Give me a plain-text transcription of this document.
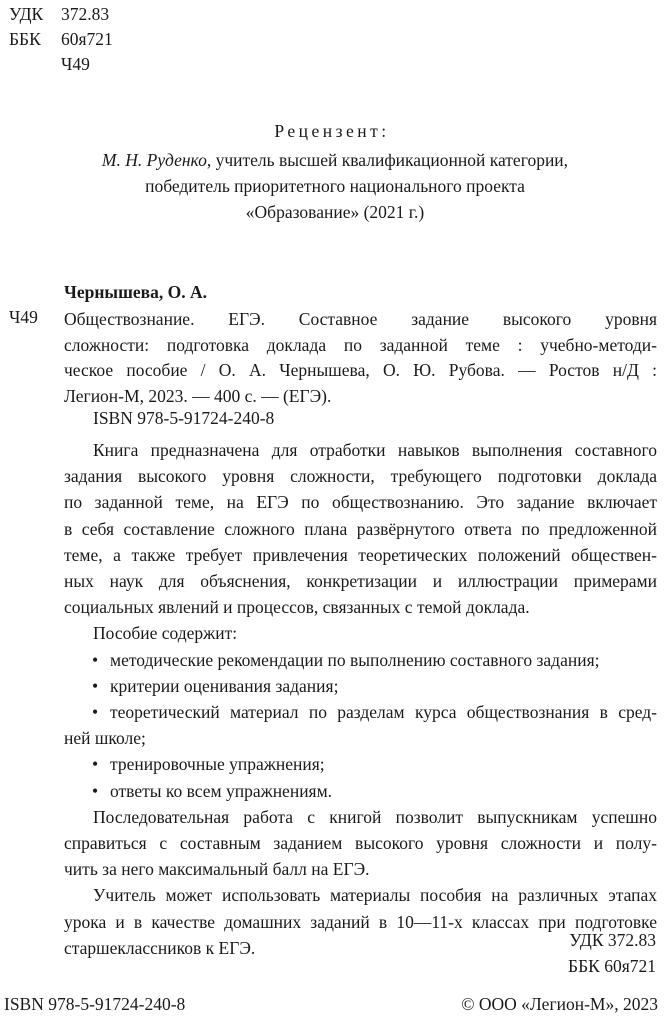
УДК	372.83
ББК	60я721
Ч49
Рецензент:
М. Н. Руденко, учитель высшей квалификационной категории,
победитель приоритетного национального проекта
«Образование» (2021 г.)
Чернышева, О. А.
Ч49 Обществознание. ЕГЭ. Составное задание высокого уровня
сложности: подготовка доклада по заданной теме : учебно-методи-
ческое пособие / О. А. Чернышева, О. Ю. Рубова. — Ростов н/Д :
Легион-М, 2023. — 400 с. — (ЕГЭ).
ISBN 978-5-91724-240-8
Книга предназначена для отработки навыков выполнения составного
задания высокого уровня сложности, требующего подготовки доклада
по заданной теме, на ЕГЭ по обществознанию. Это задание включает
в себя составление сложного плана развёрнутого ответа по предложенной
теме, а также требует привлечения теоретических положений обществен-
ных наук для объяснения, конкретизации и иллюстрации примерами
социальных явлений и процессов, связанных с темой доклада.
Пособие содержит:
• методические рекомендации по выполнению составного задания;
• критерии оценивания задания;
• теоретический материал по разделам курса обществознания в сред-
ней школе;
• тренировочные упражнения;
• ответы ко всем упражнениям.
Последовательная работа с книгой позволит выпускникам успешно
справиться с составным заданием высокого уровня сложности и полу-
чить за него максимальный балл на ЕГЭ.
Учитель может использовать материалы пособия на различных этапах
урока и в качестве домашних заданий в 10—11-х классах при подготовке
старшеклассников к ЕГЭ.	УДК 372.83
ББК 60я721
ISBN 978-5-91724-240-8	© ООО «Легион-М», 2023
